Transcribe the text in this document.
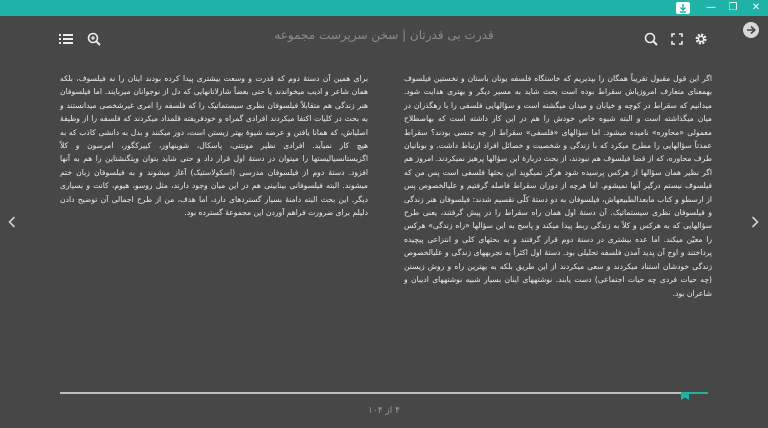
— ❐ ✕
قدرت بی قدرتان | سخن سرپرست مجموعه
اگر این قول مقبول تقریباً همگان را بپذیریم که خاستگاه فلسفه یونان باستان و نخستین فیلسوف بهمعنای متعارف امروزیاش سقراط بوده است بحث شاید به مسیر دیگر و بهتری هدایت شود. میدانیم که سقراط در کوچه و خیابان و میدان میگشته است و سؤالهایی فلسفی را با رهگذران در میان میگذاشته است و البته شیوه خاص خودش را هم در این کار داشته است که بهاصطلاح معمولی «محاوره» نامیده میشود. اما سؤالهای «فلسفی» سقراط از چه جنسی بودند؟ سقراط عمدتاً سؤالهایی را مطرح میکرد که با زندگی و شخصیت و خصائل افراد ارتباط داشت. و بونانیان طرف محاوره، که از قضا فیلسوف هم نبودند، از بحث دربارهٔ این سؤالها پرهیز نمیکردند. امروز هم اگر نظیر همان سؤالها از هرکس پرسیده شود هرگز نمیگوید این بحثها فلسفی است پس من که فیلسوف نیستم درگیر آنها نمیشوم. اما هرچه از دوران سقراط فاصله گرفتیم و علیالخصوص پس از ارسطو و کتاب مابعدالطبیعهاش، فیلسوفان به دو دستهٔ کلّی تقسیم شدند: فیلسوفان هنر زندگی و فیلسوفان نظری سیستماتیک. آن دستهٔ اول همان راه سقراط را در پیش گرفتند، یعنی طرح سؤالهایی که به هرکس و کلاً به زندگی ربط پیدا میکند و پاسخ به این سؤالها «راه زندگی» هرکس را معیّن میکند. اما عده بیشتری در دستهٔ دوم قرار گرفتند و به بحثهای کلی و انتزاعی پیچیده پرداختند و اوج آن پدید آمدن فلسفه تحلیلی بود. دستهٔ اول اکثراً به تجربههای زندگی و علیالخصوص زندگی خودشان استناد میکردند و سعی میکردند از این طریق بلکه به بهترین راه و روش زیستن (چه حیات فردی چه حیات اجتماعی) دست یابند. نوشتههای اینان بسیار شبیه نوشتههای ادیبان و شاعران بود.
برای همین آن دستهٔ دوم که قدرت و وسعت بیشتری پیدا کرده بودند اینان را نه فیلسوف، بلکه همان شاعر و ادیب میخواندند یا حتی بعضاً شارلاتانهایی که دل از نوجوانان میربایند. اما فیلسوفان هنر زندگی هم متقابلاً فیلسوفان نظری سیستماتیک را که فلسفه را امری غیرشخصی میدانستند و به بحث در کلیات اکتفا میکردند افرادی گمراه و خودفریفته قلمداد میکردند که فلسفه را از وظیفهٔ اصلیاش، که همانا یافتن و عرضه شیوهٔ بهتر زیستن است، دور میکنند و بدل به دانشی کاذب که به هیچ کار نمیآید. افرادی نظیر مونتنی، پاسکال، شوپنهاور، کییرکگور، امرسون و کلاً اگزیستانسیالیستها را میتوان در دستهٔ اول قرار داد و حتی شاید بتوان ویتگنشتاین را هم به آنها افزود. دستهٔ دوم از فیلسوفان مدرسی (اسکولاستیک) آغاز میشوند و به فیلسوفان زبان ختم میشوند. البته فیلسوفانی بینابینی هم در این میان وجود دارند، مثل روسو، هیوم، کانت و بسیاری دیگر. این بحث البته دامنهٔ بسیار گستردهای دارد، اما هدف، من از طرح اجمالی آن توضیح دادن دلیلم برای ضرورت فراهم آوردن این مجموعهٔ گسترده بود.
۴ از ۱۰۴
